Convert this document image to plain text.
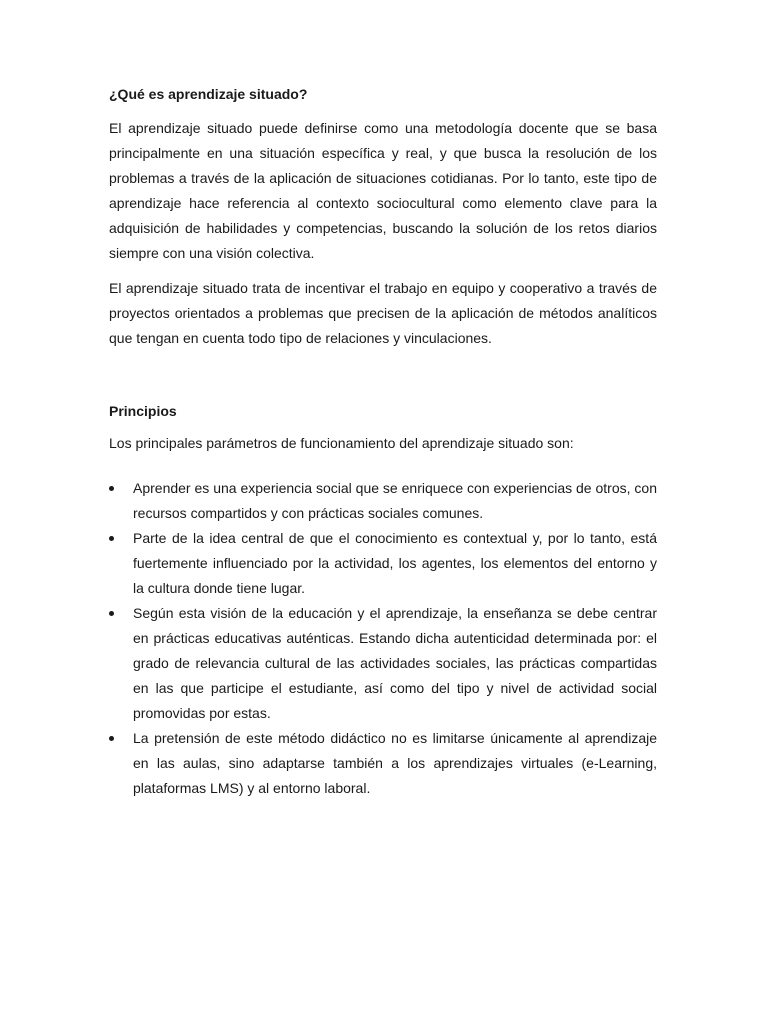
¿Qué es aprendizaje situado?

El aprendizaje situado puede definirse como una metodología docente que se basa principalmente en una situación específica y real, y que busca la resolución de los problemas a través de la aplicación de situaciones cotidianas. Por lo tanto, este tipo de aprendizaje hace referencia al contexto sociocultural como elemento clave para la adquisición de habilidades y competencias, buscando la solución de los retos diarios siempre con una visión colectiva.

El aprendizaje situado trata de incentivar el trabajo en equipo y cooperativo a través de proyectos orientados a problemas que precisen de la aplicación de métodos analíticos que tengan en cuenta todo tipo de relaciones y vinculaciones.

Principios

Los principales parámetros de funcionamiento del aprendizaje situado son:

Aprender es una experiencia social que se enriquece con experiencias de otros, con recursos compartidos y con prácticas sociales comunes.
Parte de la idea central de que el conocimiento es contextual y, por lo tanto, está fuertemente influenciado por la actividad, los agentes, los elementos del entorno y la cultura donde tiene lugar.
Según esta visión de la educación y el aprendizaje, la enseñanza se debe centrar en prácticas educativas auténticas. Estando dicha autenticidad determinada por: el grado de relevancia cultural de las actividades sociales, las prácticas compartidas en las que participe el estudiante, así como del tipo y nivel de actividad social promovidas por estas.
La pretensión de este método didáctico no es limitarse únicamente al aprendizaje en las aulas, sino adaptarse también a los aprendizajes virtuales (e-Learning, plataformas LMS) y al entorno laboral.
